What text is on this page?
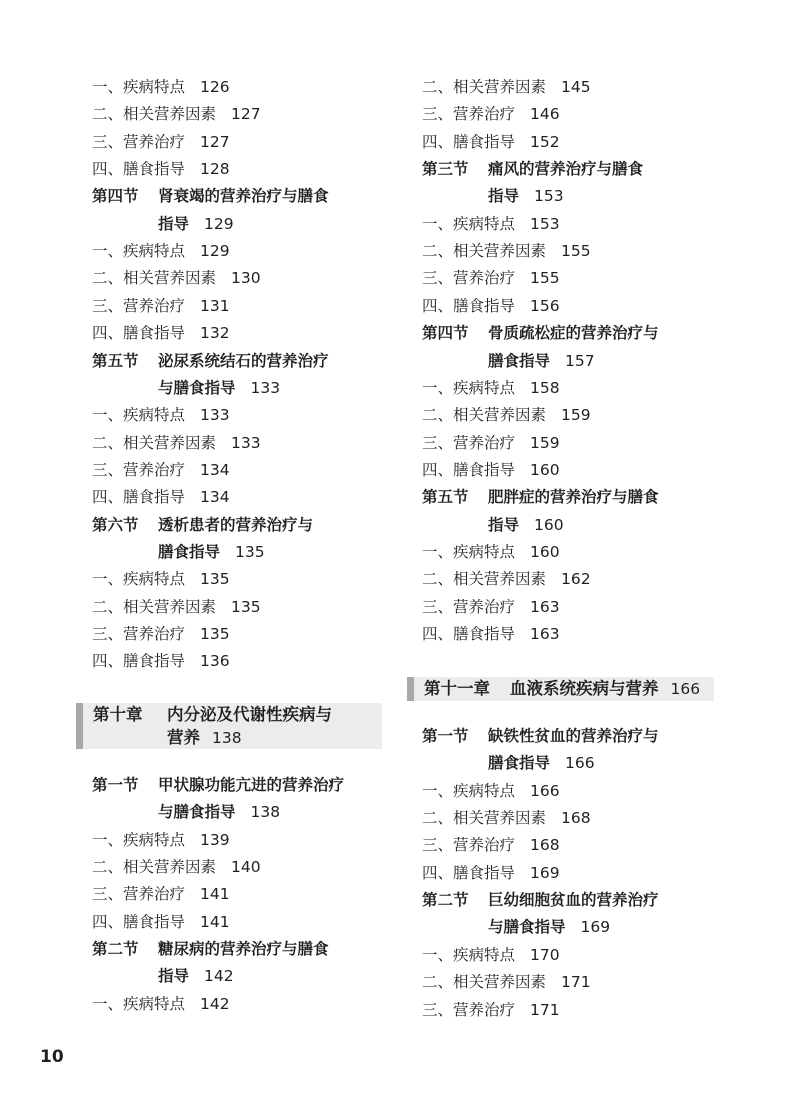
一、疾病特点 126
二、相关营养因素 127
三、营养治疗 127
四、膳食指导 128
第四节 肾衰竭的营养治疗与膳食
指导 129
一、疾病特点 129
二、相关营养因素 130
三、营养治疗 131
四、膳食指导 132
第五节 泌尿系统结石的营养治疗
与膳食指导 133
一、疾病特点 133
二、相关营养因素 133
三、营养治疗 134
四、膳食指导 134
第六节 透析患者的营养治疗与
膳食指导 135
一、疾病特点 135
二、相关营养因素 135
三、营养治疗 135
四、膳食指导 136
第一节 甲状腺功能亢进的营养治疗
与膳食指导 138
一、疾病特点 139
二、相关营养因素 140
三、营养治疗 141
四、膳食指导 141
第二节 糖尿病的营养治疗与膳食
指导 142
一、疾病特点 142
第十章 内分泌及代谢性疾病与
营养 138
二、相关营养因素 145
三、营养治疗 146
四、膳食指导 152
第三节 痛风的营养治疗与膳食
指导 153
一、疾病特点 153
二、相关营养因素 155
三、营养治疗 155
四、膳食指导 156
第四节 骨质疏松症的营养治疗与
膳食指导 157
一、疾病特点 158
二、相关营养因素 159
三、营养治疗 159
四、膳食指导 160
第五节 肥胖症的营养治疗与膳食
指导 160
一、疾病特点 160
二、相关营养因素 162
三、营养治疗 163
四、膳食指导 163
第一节 缺铁性贫血的营养治疗与
膳食指导 166
一、疾病特点 166
二、相关营养因素 168
三、营养治疗 168
四、膳食指导 169
第二节 巨幼细胞贫血的营养治疗
与膳食指导 169
一、疾病特点 170
二、相关营养因素 171
三、营养治疗 171
第十一章 血液系统疾病与营养 166
10
